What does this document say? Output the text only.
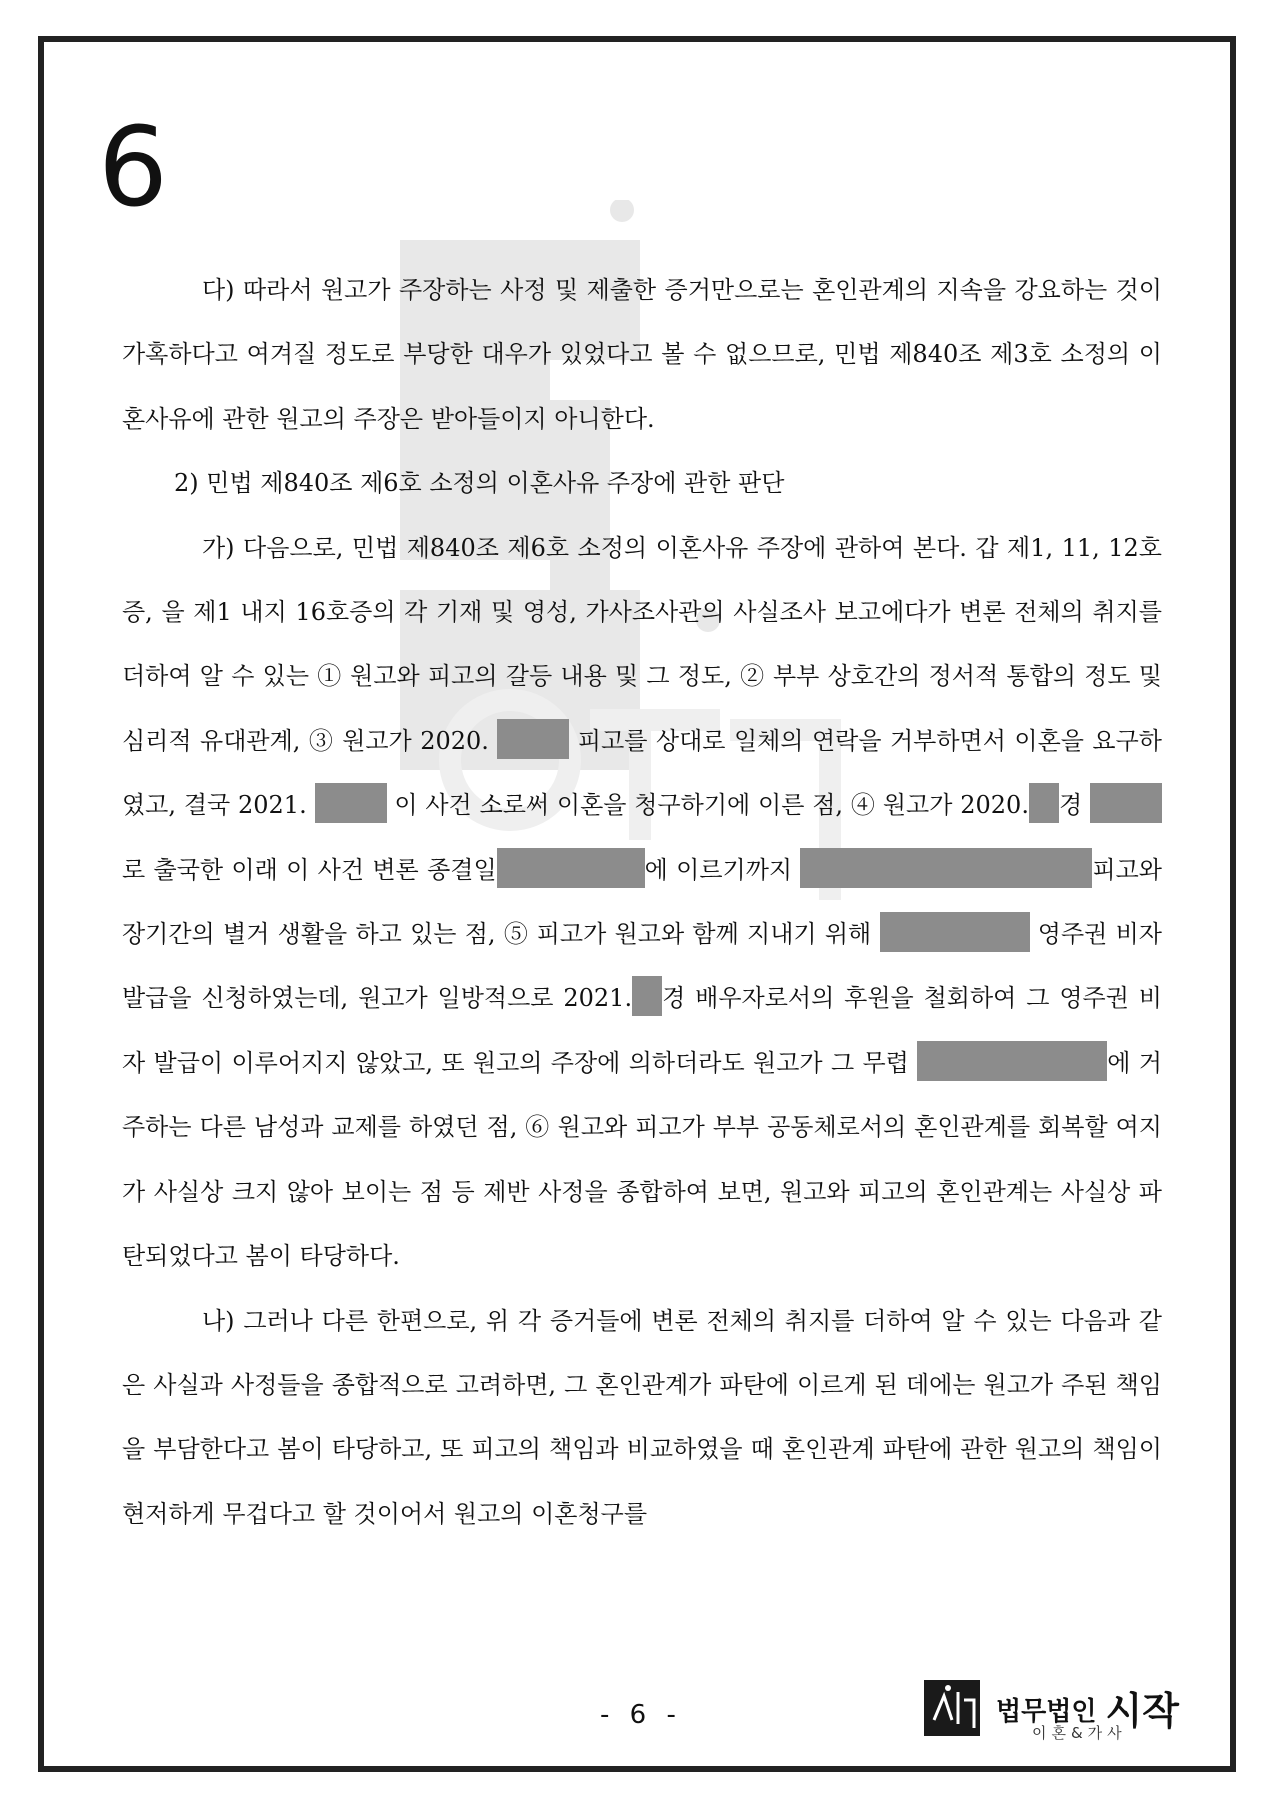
6

다) 따라서 원고가 주장하는 사정 및 제출한 증거만으로는 혼인관계의 지속을 강요하는 것이 가혹하다고 여겨질 정도로 부당한 대우가 있었다고 볼 수 없으므로, 민법 제840조 제3호 소정의 이혼사유에 관한 원고의 주장은 받아들이지 아니한다.

2) 민법 제840조 제6호 소정의 이혼사유 주장에 관한 판단

가) 다음으로, 민법 제840조 제6호 소정의 이혼사유 주장에 관하여 본다. 갑 제1, 11, 12호증, 을 제1 내지 16호증의 각 기재 및 영성, 가사조사관의 사실조사 보고에다가 변론 전체의 취지를 더하여 알 수 있는 ① 원고와 피고의 갈등 내용 및 그 정도, ② 부부 상호간의 정서적 통합의 정도 및 심리적 유대관계, ③ 원고가 2020.	피고를 상대로 일체의 연락을 거부하면서 이혼을 요구하였고, 결국 2021.	이 사건 소로써 이혼을 청구하기에 이른 점, ④ 원고가 2020. 경 로 출국한 이래 이 사건 변론 종결일	에 이르기까지	피고와 장기간의 별거 생활을 하고 있는 점, ⑤ 피고가 원고와 함께 지내기 위해	영주권 비자 발급을 신청하였는데, 원고가 일방적으로 2021. 경 배우자로서의 후원을 철회하여 그 영주권 비자 발급이 이루어지지 않았고, 또 원고의 주장에 의하더라도 원고가 그 무렵	에 거주하는 다른 남성과 교제를 하였던 점, ⑥ 원고와 피고가 부부 공동체로서의 혼인관계를 회복할 여지가 사실상 크지 않아 보이는 점 등 제반 사정을 종합하여 보면, 원고와 피고의 혼인관계는 사실상 파탄되었다고 봄이 타당하다.

나) 그러나 다른 한편으로, 위 각 증거들에 변론 전체의 취지를 더하여 알 수 있는 다음과 같은 사실과 사정들을 종합적으로 고려하면, 그 혼인관계가 파탄에 이르게 된 데에는 원고가 주된 책임을 부담한다고 봄이 타당하고, 또 피고의 책임과 비교하였을 때 혼인관계 파탄에 관한 원고의 책임이 현저하게 무겁다고 할 것이어서 원고의 이혼청구를

- 6 -	법무법인 시작
이혼&가사
